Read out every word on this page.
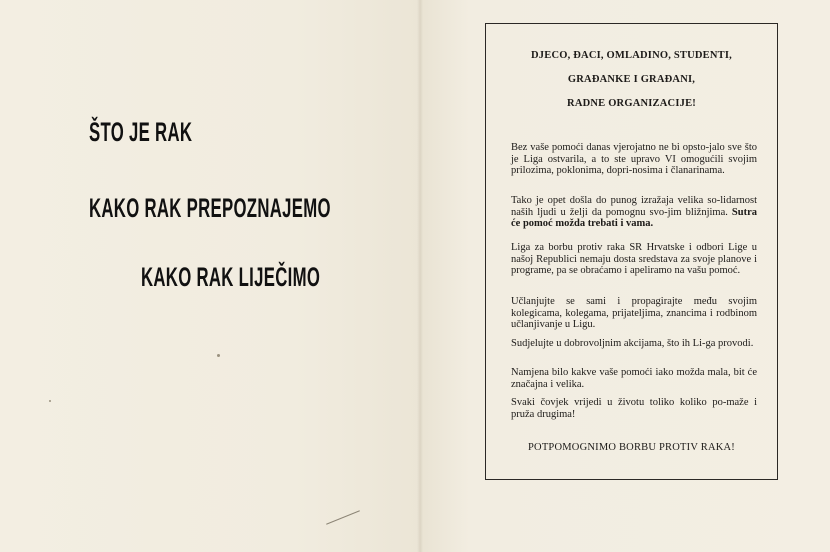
ŠTO JE RAK
KAKO RAK PREPOZNAJEMO
KAKO RAK LIJEČIMO
DJECO, ĐACI, OMLADINO, STUDENTI,
GRAĐANKE I GRAĐANI,
RADNE ORGANIZACIJE!

Bez vaše pomoći danas vjerojatno ne bi opsto-jalo sve što je Liga ostvarila, a to ste upravo VI omogućili svojim prilozima, poklonima, dopri-nosima i članarinama.

Tako je opet došla do punog izražaja velika so-lidarnost naših ljudi u želji da pomognu svo-jim bližnjima. Sutra će pomoć možda trebati i vama.

Liga za borbu protiv raka SR Hrvatske i odbori Lige u našoj Republici nemaju dosta sredstava za svoje planove i programe, pa se obraćamo i apeliramo na vašu pomoć.

Učlanjujte se sami i propagirajte među svojim kolegicama, kolegama, prijateljima, znancima i rodbinom učlanjivanje u Ligu.

Sudjelujte u dobrovoljnim akcijama, što ih Li-ga provodi.

Namjena bilo kakve vaše pomoći iako možda mala, bit će značajna i velika.

Svaki čovjek vrijedi u životu toliko koliko po-maže i pruža drugima!

POTPOMOGNIMO BORBU PROTIV RAKA!
